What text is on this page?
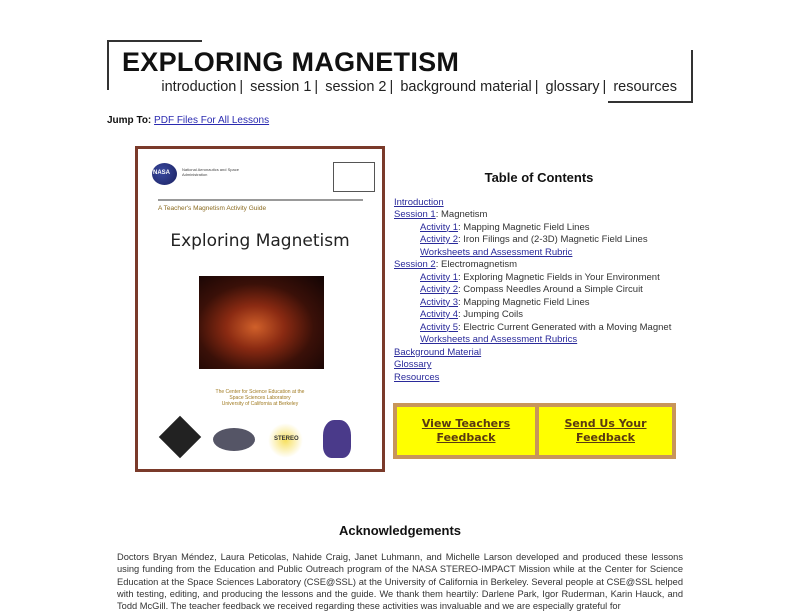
EXPLORING MAGNETISM
introduction | session 1 | session 2 | background material | glossary | resources
Jump To: PDF Files For All Lessons
NASA
National Aeronautics and Space Administration
A Teacher's Magnetism Activity Guide
Exploring Magnetism
The Center for Science Education at the
Space Sciences Laboratory
University of California at Berkeley
STEREO
Table of Contents
Introduction
Session 1: Magnetism
Activity 1: Mapping Magnetic Field Lines
Activity 2: Iron Filings and (2-3D) Magnetic Field Lines
Worksheets and Assessment Rubric
Session 2: Electromagnetism
Activity 1: Exploring Magnetic Fields in Your Environment
Activity 2: Compass Needles Around a Simple Circuit
Activity 3: Mapping Magnetic Field Lines
Activity 4: Jumping Coils
Activity 5: Electric Current Generated with a Moving Magnet
Worksheets and Assessment Rubrics
Background Material
Glossary
Resources
View Teachers Feedback
Send Us Your Feedback
Acknowledgements

Doctors Bryan Méndez, Laura Peticolas, Nahide Craig, Janet Luhmann, and Michelle Larson developed and produced these lessons using funding from the Education and Public Outreach program of the NASA STEREO-IMPACT Mission while at the Center for Science Education at the Space Sciences Laboratory (CSE@SSL) at the University of California in Berkeley. Several people at CSE@SSL helped with testing, editing, and producing the lessons and the guide. We thank them heartily: Darlene Park, Igor Ruderman, Karin Hauck, and Todd McGill. The teacher feedback we received regarding these activities was invaluable and we are especially grateful for
